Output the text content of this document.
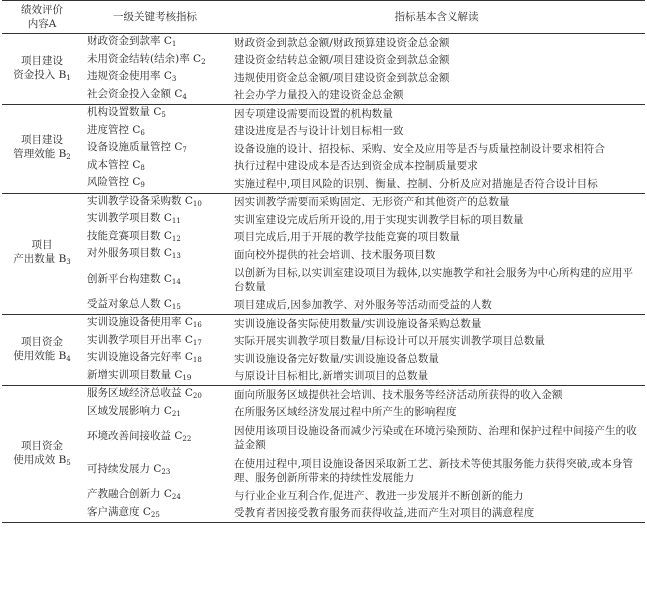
绩效评价
内容A	一级关键考核指标	指标基本含义解读

项目建设
资金投入 $B_1$	财政资金到款率 $C_1$	财政资金到款总金额/财政预算建设资金总金额
	未用资金结转(结余)率 $C_2$	建设资金结转总金额/项目建设资金到款总金额
	违规资金使用率 $C_3$	违规使用资金总金额/项目建设资金到款总金额
	社会资金投入金额 $C_4$	社会办学力量投入的建设资金总金额

项目建设
管理效能 $B_2$	机构设置数量 $C_5$	因专项建设需要而设置的机构数量
	进度管控 $C_6$	建设进度是否与设计计划目标相一致
	设备设施质量管控 $C_7$	设备设施的设计、招投标、采购、安全及应用等是否与质量控制设计要求相符合
	成本管控 $C_8$	执行过程中建设成本是否达到资金成本控制质量要求
	风险管控 $C_9$	实施过程中,项目风险的识别、衡量、控制、分析及应对措施是否符合设计目标

项目
产出数量 $B_3$	实训教学设备采购数 $C_{10}$	因实训教学需要而采购固定、无形资产和其他资产的总数量
	实训教学项目数 $C_{11}$	实训室建设完成后所开设的,用于实现实训教学目标的项目数量
	技能竞赛项目数 $C_{12}$	项目完成后,用于开展的教学技能竞赛的项目数量
	对外服务项目数 $C_{13}$	面向校外提供的社会培训、技术服务项目数
	创新平台构建数 $C_{14}$	以创新为目标,以实训室建设项目为载体,以实施教学和社会服务为中心所构建的应用平台数量
	受益对象总人数 $C_{15}$	项目建成后,因参加教学、对外服务等活动而受益的人数

项目资金
使用效能 $B_4$	实训设施设备使用率 $C_{16}$	实训设施设备实际使用数量/实训设施设备采购总数量
	实训教学项目开出率 $C_{17}$	实际开展实训教学项目数量/目标设计可以开展实训教学项目总数量
	实训设施设备完好率 $C_{18}$	实训设施设备完好数量/实训设施设备总数量
	新增实训项目数量 $C_{19}$	与原设计目标相比,新增实训项目的总数量

项目资金
使用成效 $B_5$	服务区域经济总收益 $C_{20}$	面向所服务区域提供社会培训、技术服务等经济活动所获得的收入金额
	区域发展影响力 $C_{21}$	在所服务区域经济发展过程中所产生的影响程度
	环境改善间接收益 $C_{22}$	因使用该项目设施设备而减少污染或在环境污染预防、治理和保护过程中间接产生的收益金额
	可持续发展力 $C_{23}$	在使用过程中,项目设施设备因采取新工艺、新技术等使其服务能力获得突破,或本身管理、服务创新所带来的持续性发展能力
	产教融合创新力 $C_{24}$	与行业企业互利合作,促进产、教进一步发展并不断创新的能力
	客户满意度 $C_{25}$	受教育者因接受教育服务而获得收益,进而产生对项目的满意程度
